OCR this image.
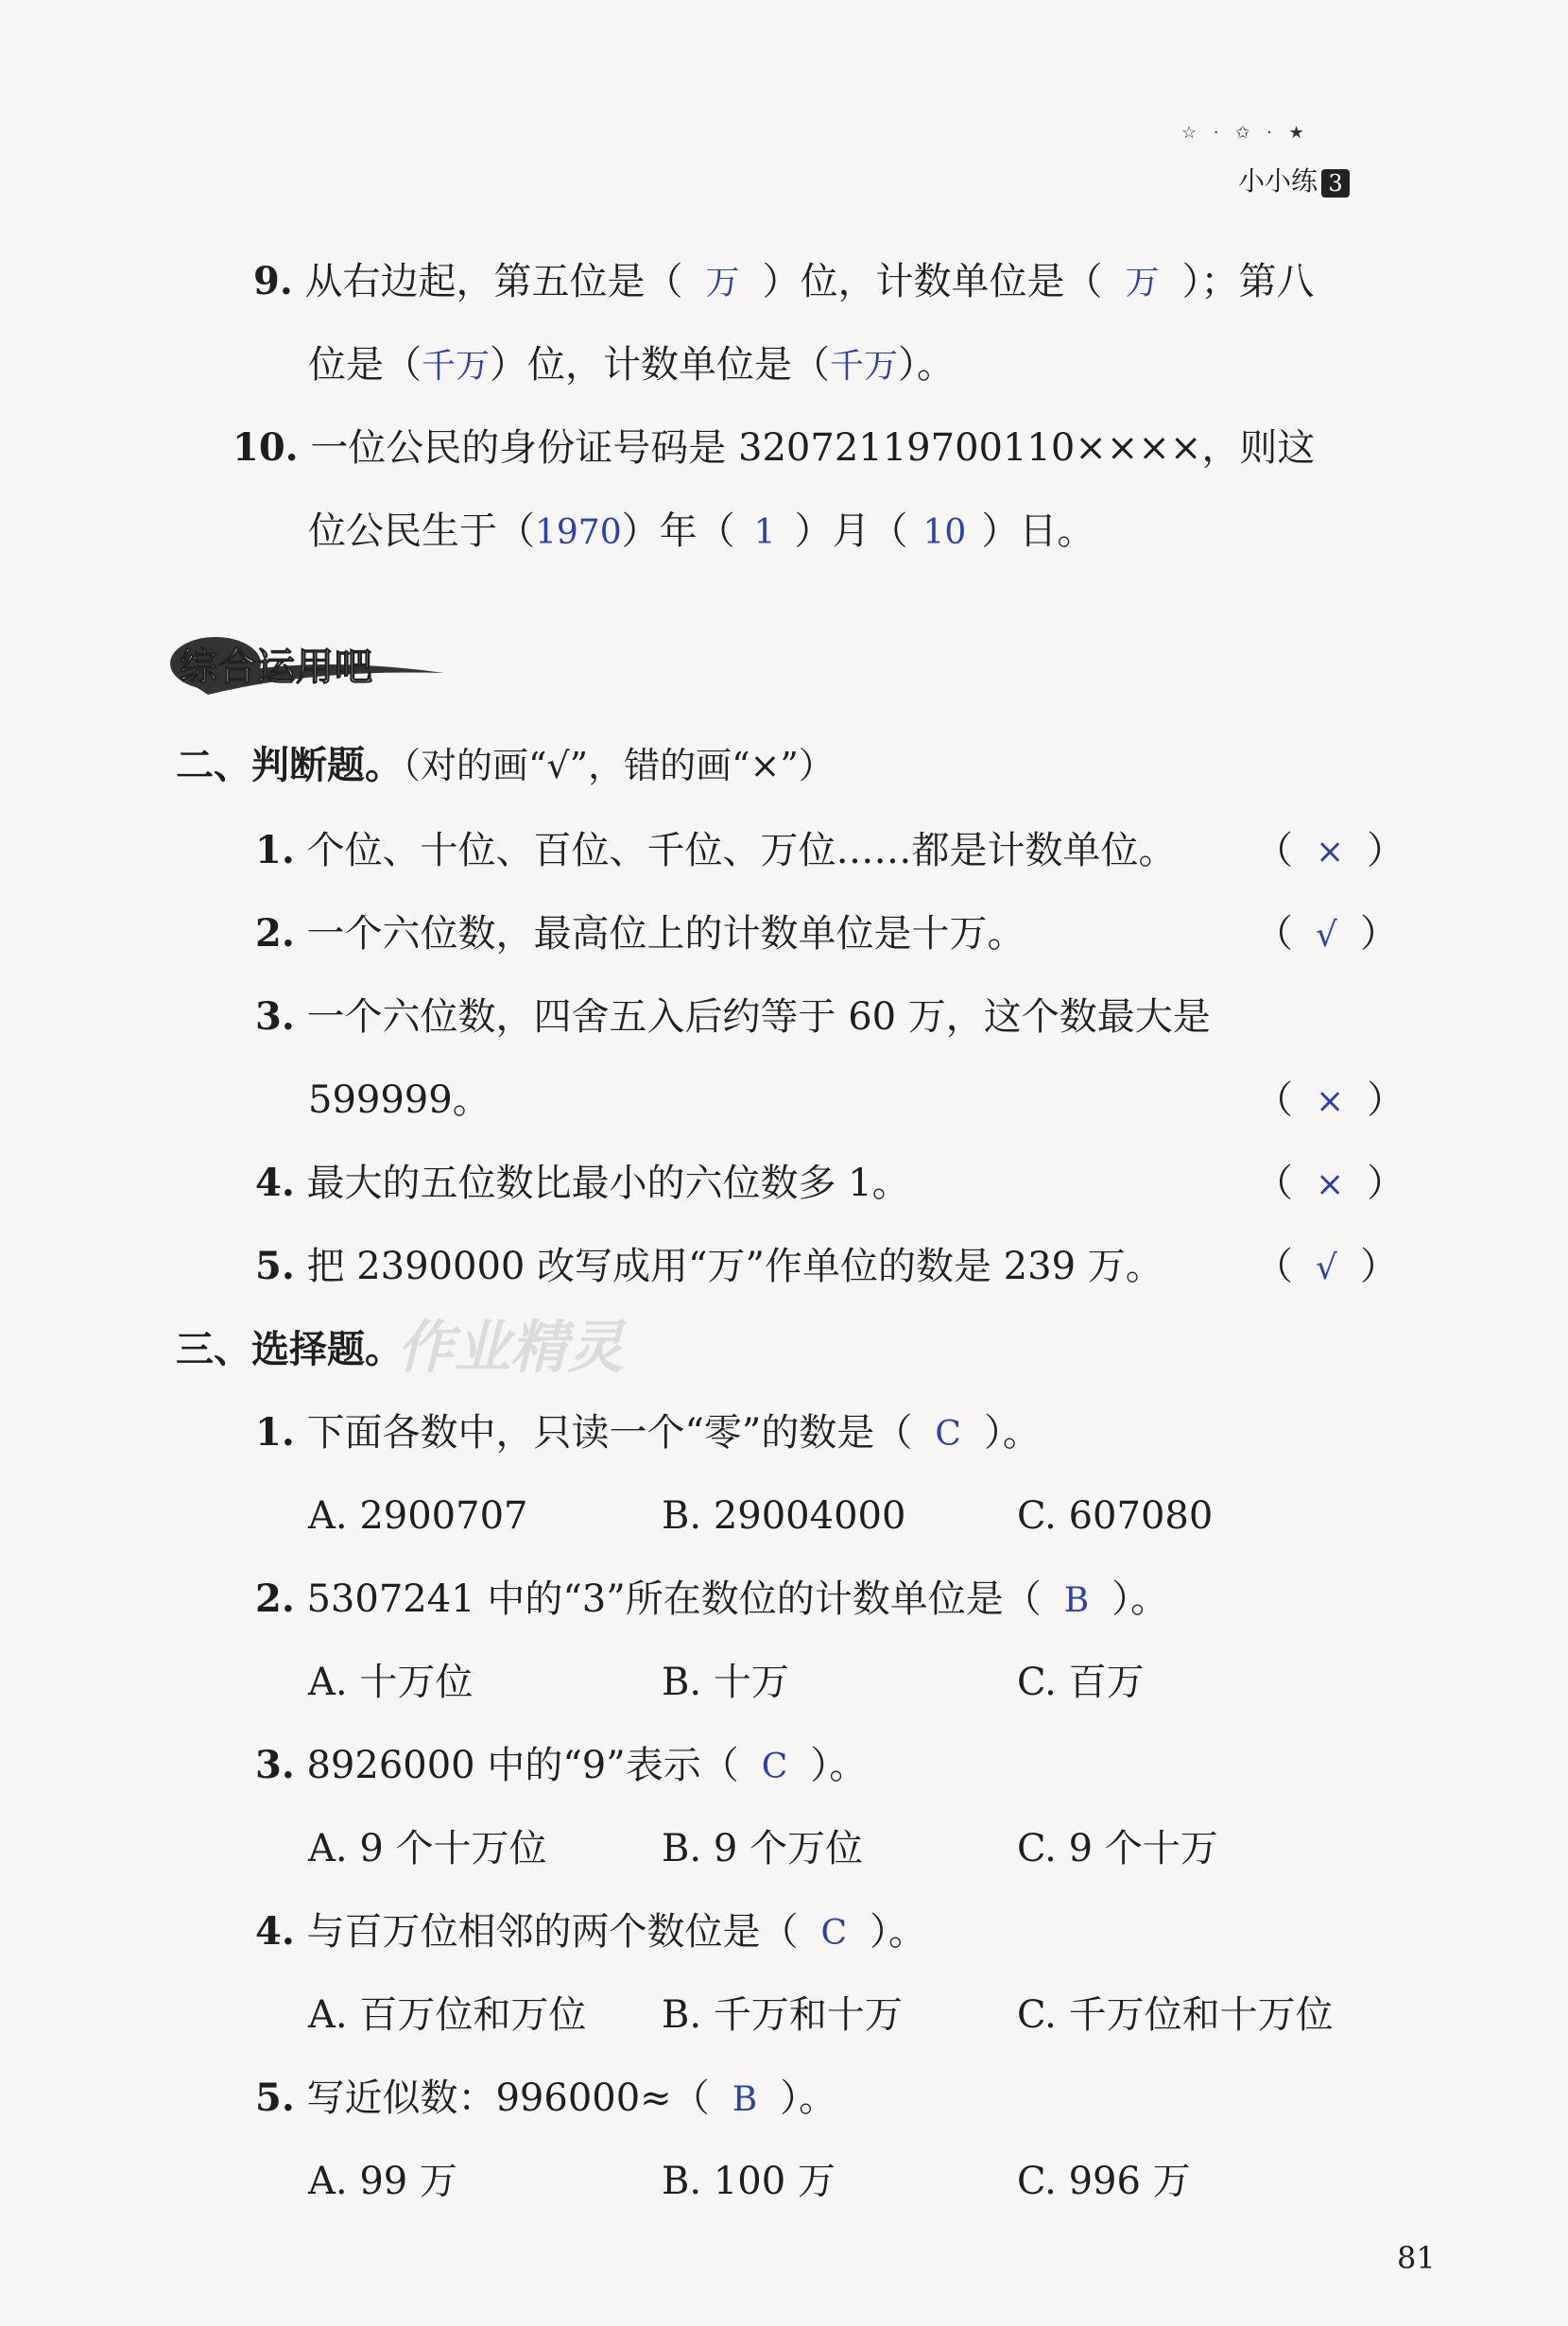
☆ · ✩ · ★
小小练 3
9. 从右边起，第五位是（ 万 ）位，计数单位是（ 万 ）；第八
位是（千万）位，计数单位是（千万）。
10. 一位公民的身份证号码是 32072119700110××××，则这
位公民生于（1970）年（ 1 ）月（ 10 ）日。
综合运用吧
二、判断题。（对的画“√”，错的画“×”）
1. 个位、十位、百位、千位、万位……都是计数单位。 （ × ）
2. 一个六位数，最高位上的计数单位是十万。	（ √ ）
3. 一个六位数，四舍五入后约等于 60 万，这个数最大是
599999。	（ × ）
4. 最大的五位数比最小的六位数多 1。	（ × ）
5. 把 2390000 改写成用“万”作单位的数是 239 万。 （ √ ）
三、选择题。
作业精灵
1. 下面各数中，只读一个“零”的数是（ C ）。
A. 2900707	B. 29004000	C. 607080
2. 5307241 中的“3”所在数位的计数单位是（ B ）。
A. 十万位	B. 十万	C. 百万
3. 8926000 中的“9”表示（ C ）。
A. 9 个十万位	B. 9 个万位	C. 9 个十万
4. 与百万位相邻的两个数位是（ C ）。
A. 百万位和万位 B. 千万和十万	C. 千万位和十万位
5. 写近似数：996000≈（ B ）。
A. 99 万	B. 100 万	C. 996 万
81
